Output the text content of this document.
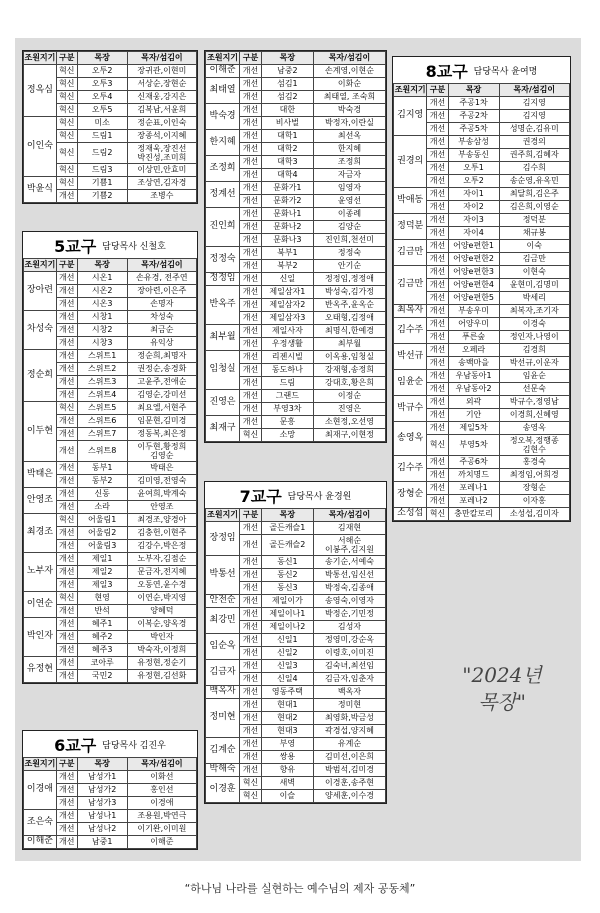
조원지기	구분	목장	목자/섬김이
정옥심	혁신	오투2	장귀관,이현미
	혁신	오투3	서상순,장현순
	혁신	오투4	신재웅,강지은
	혁신	오투5	김복남,서윤희
이인숙	혁신	미소	정순표,이인숙
	혁신	드림1	장종석,이지혜
	혁신	드림2	정재욱,장진선
박진성,조미희
	혁신	드림3	이상민,안효미
박윤식	혁신	기쁨1	조상연,김자경
	개선	기쁨2	조병수
5교구 담당목사 신철호
조원지기	구분	목장	목자/섬김이
장아련	개선	시온1	손유경, 전주연
	개선	시온2	장아련,이은주
	개선	시온3	손명자
차성숙	개선	시창1	차성숙
	개선	시창2	최금순
	개선	시창3	유익상
정순희	개선	스위트1	정순희,최명자
	개선	스위트2	권정순,송경화
	개선	스위트3	고윤주,전애순
	개선	스위트4	김영순,강미선
이두현	혁신	스위트5	최요엘,서현주
	개선	스위트6	임문현,김미경
	개선	스위트7	정동복,최은정
	개선	스위트8	이두현,황정희
김영순
박태은	개선	동부1	박태은
	개선	동부2	김미영,전영숙
안영조	개선	신동	윤여희,박계숙
	개선	소라	안영조
최경조	혁신	어울림1	최경조,양경아
	개선	어울림2	김충헌,이현주
	개선	어울림3	김강수,박은정
노부자	개선	제일1	노부자,김점순
	개선	제일2	문금자,전지혜
	개선	제일3	오동연,윤수경
이연순	혁신	현영	이연순,박지영
	개선	반석	양혜덕
박인자	개선	혜주1	이복순,양옥경
	개선	혜주2	박인자
	개선	혜주3	박숙자,이정희
유정현	개선	코아루	유정현,정순기
	개선	국민2	유정현,김선화
6교구 담당목사 김진우
조원지기	구분	목장	목자/섬김이
이경애	개선	남성가1	이화선
	개선	남성가2	홍인선
	개선	남성가3	이경애
조은숙	개선	남성나1	조용원,박연극
	개선	남성나2	이기완,이미원
이해준	개선	남중1	이해준
조원지기	구분	목장	목자/섬김이
이해준	개선	남중2	손계영,이현순
최태열	개선	섬김1	이화순
	개선	섬김2	최태열, 조숙희
박숙경	개선	대한	박숙경
	개선	비사벌	박정자,이란실
한지혜	개선	대학1	최선옥
	개선	대학2	한지혜
조정희	개선	대학3	조정희
	개선	대학4	자금자
정계선	개선	문화가1	임영자
	개선	문화가2	윤영선
진인희	개선	문화나1	이종례
	개선	문화나2	김양순
	개선	문화나3	진인희,천선미
정정숙	개선	북부1	정정숙
	개선	북부2	안기순
정정임	개선	신일	정정임,정정애
반옥주	개선	제일삼자1	박성숙,김가정
	개선	제일삼자2	반옥주,윤옥순
	개선	제일삼자3	오태형,김정애
최부월	개선	제일사자	최명식,한예경
	개선	우정생활	최부월
임청실	개선	리젠시빌	이옥용,임청실
	개선	동도하나	강재형,송정희
	개선	드림	강대호,황은희
진영은	개선	그랜드	이정순
	개선	부영3차	진영은
최재구	개선	문흥	소현정,오선영
	혁신	소망	최재구,이현정
7교구 담당목사 윤경원
조원지기	구분	목장	목자/섬김이
장정임	개선	골든캐슬1	김재현
	개선	골든캐슬2	서해순
이봉주,김지원
박통선	개선	동신1	송기순,서예숙
	개선	동신2	박통선,임신선
	개선	동신3	박정숙,김종애
안전순	개선	제일이가	송영숙,이영자
최강민	개선	제일이나1	박정순,기민정
	개선	제일이나2	김성자
임순옥	개선	신일1	정영미,강순옥
	개선	신일2	이령호,이미진
김금자	개선	신일3	김숙녀,최선임
	개선	신일4	김금자,임춘자
백옥자	개선	영동주택	백옥자
정미현	개선	현대1	정미현
	개선	현대2	최영화,박금성
	개선	현대3	곽경섭,양지혜
김계순	개선	부영	유계순
	개선	쌍용	김미선,이은희
박해숙	개선	향유	박범석,김미경
이경훈	혁신	새벽	이경훈,송주현
	혁신	이슬	양세훈,이수경
8교구 담당목사 윤여명
조원지기	구분	목장	목자/섬김이
김지영	개선	주공1차	김지영
	개선	주공2차	김지영
	개선	주공5차	성명순,김유미
권경의	개선	부송삼성	권경의
	개선	부송동신	권주희,김혜자
	개선	오투1	김수희
	개선	오투2	송순영,유옥민
박애동	개선	자이1	최달희,김은주
	개선	자이2	김은희,이영순
정덕분	개선	자이3	정덕분
	개선	자이4	채규봉
김금만	개선	어양e편한1	이숙
	개선	어양e편한2	김금만
김금만	개선	어양e편한3	이현숙
	개선	어양e편한4	윤현미,김명미
	개선	어양e편한5	박세리
최복자	개선	부송우미	최복자,조기자
김수주	개선	어양우미	이경숙
	개선	푸른숲	정인자,나영이
박선규	개선	오페라	김경희
	개선	송백마을	박선규,이운자
임윤순	개선	우남동아1	임윤순
	개선	우남동아2	선문숙
박규수	개선	외곽	박규수,정영남
	개선	기안	이경희,신혜영
송영옥	개선	제일5차	송영옥
	혁신	부영5차	정오복,정행종
김현수
김수주	개선	주공6차	홍경숙
	개선	까치명드	최정임,어희경
장형순	개선	포레나1	장형순
	개선	포레나2	이자홍
소성섭	혁신	충만칼로리	소성섭,김미자
"2024년
목장"
“하나님 나라를 실현하는 예수님의 제자 공동체”
